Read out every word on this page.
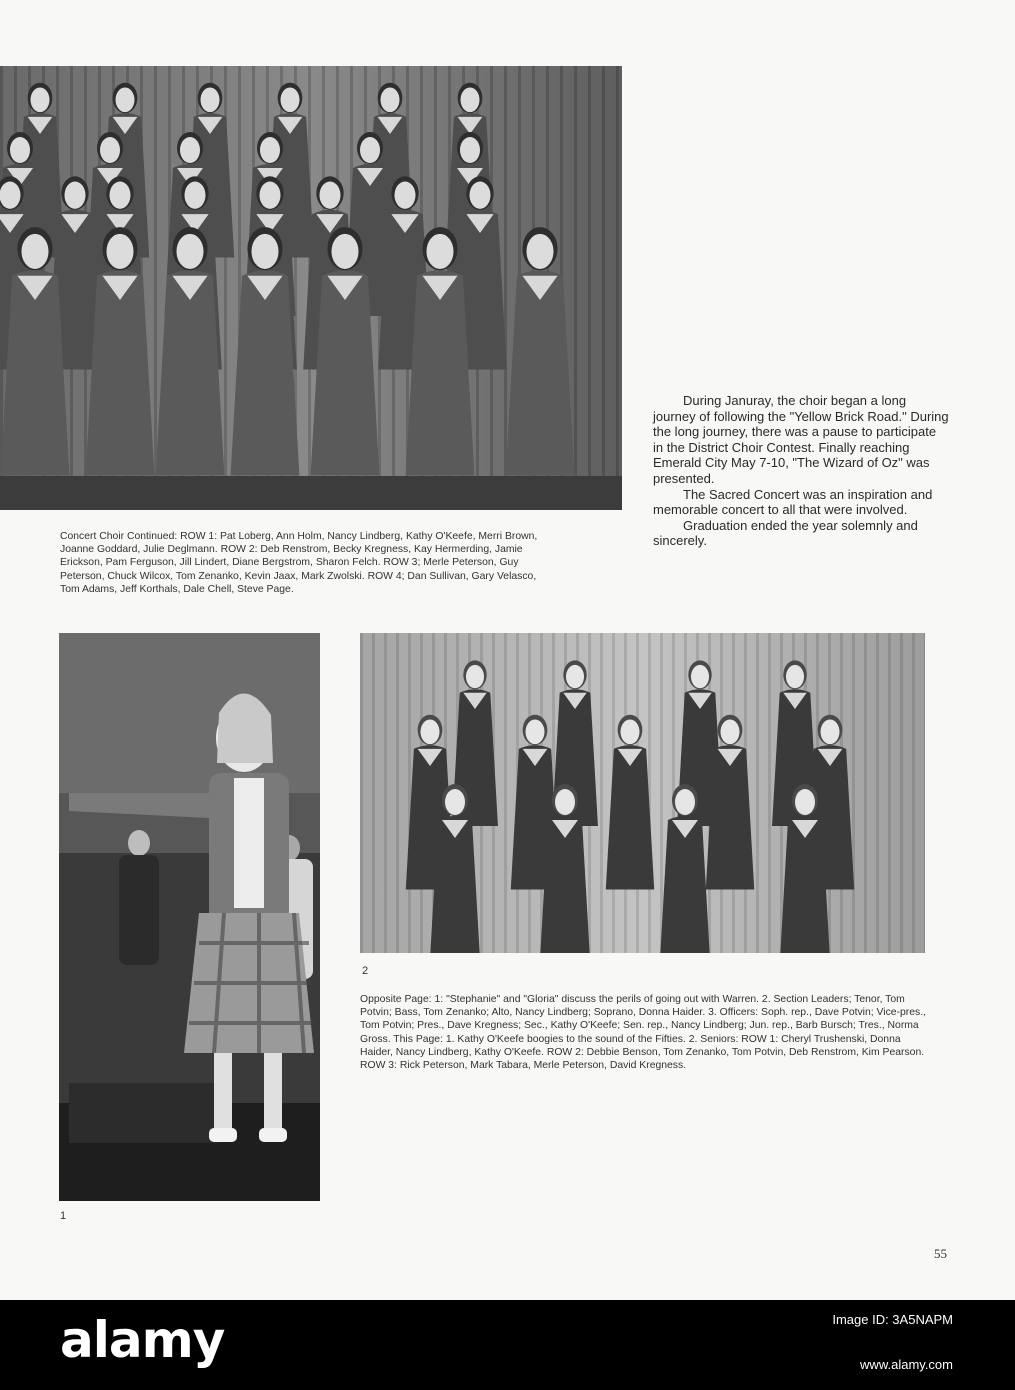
Concert Choir Continued: ROW 1: Pat Loberg, Ann Holm, Nancy Lindberg, Kathy O'Keefe, Merri Brown, Joanne Goddard, Julie Deglmann. ROW 2: Deb Renstrom, Becky Kregness, Kay Hermerding, Jamie Erickson, Pam Ferguson, Jill Lindert, Diane Bergstrom, Sharon Felch. ROW 3; Merle Peterson, Guy Peterson, Chuck Wilcox, Tom Zenanko, Kevin Jaax, Mark Zwolski. ROW 4; Dan Sullivan, Gary Velasco, Tom Adams, Jeff Korthals, Dale Chell, Steve Page.

During Januray, the choir began a long journey of following the "Yellow Brick Road." During the long journey, there was a pause to participate in the District Choir Contest. Finally reaching Emerald City May 7-10, "The Wizard of Oz" was presented.

The Sacred Concert was an inspiration and memorable concert to all that were involved.

Graduation ended the year solemnly and sincerely.

2

Opposite Page: 1: "Stephanie" and "Gloria" discuss the perils of going out with Warren. 2. Section Leaders; Tenor, Tom Potvin; Bass, Tom Zenanko; Alto, Nancy Lindberg; Soprano, Donna Haider. 3. Officers: Soph. rep., Dave Potvin; Vice-pres., Tom Potvin; Pres., Dave Kregness; Sec., Kathy O'Keefe; Sen. rep., Nancy Lindberg; Jun. rep., Barb Bursch; Tres., Norma Gross. This Page: 1. Kathy O'Keefe boogies to the sound of the Fifties. 2. Seniors: ROW 1: Cheryl Trushenski, Donna Haider, Nancy Lindberg, Kathy O'Keefe. ROW 2: Debbie Benson, Tom Zenanko, Tom Potvin, Deb Renstrom, Kim Pearson. ROW 3: Rick Peterson, Mark Tabara, Merle Peterson, David Kregness.

1
55
alamy	Image ID: 3A5NAPM
www.alamy.com
